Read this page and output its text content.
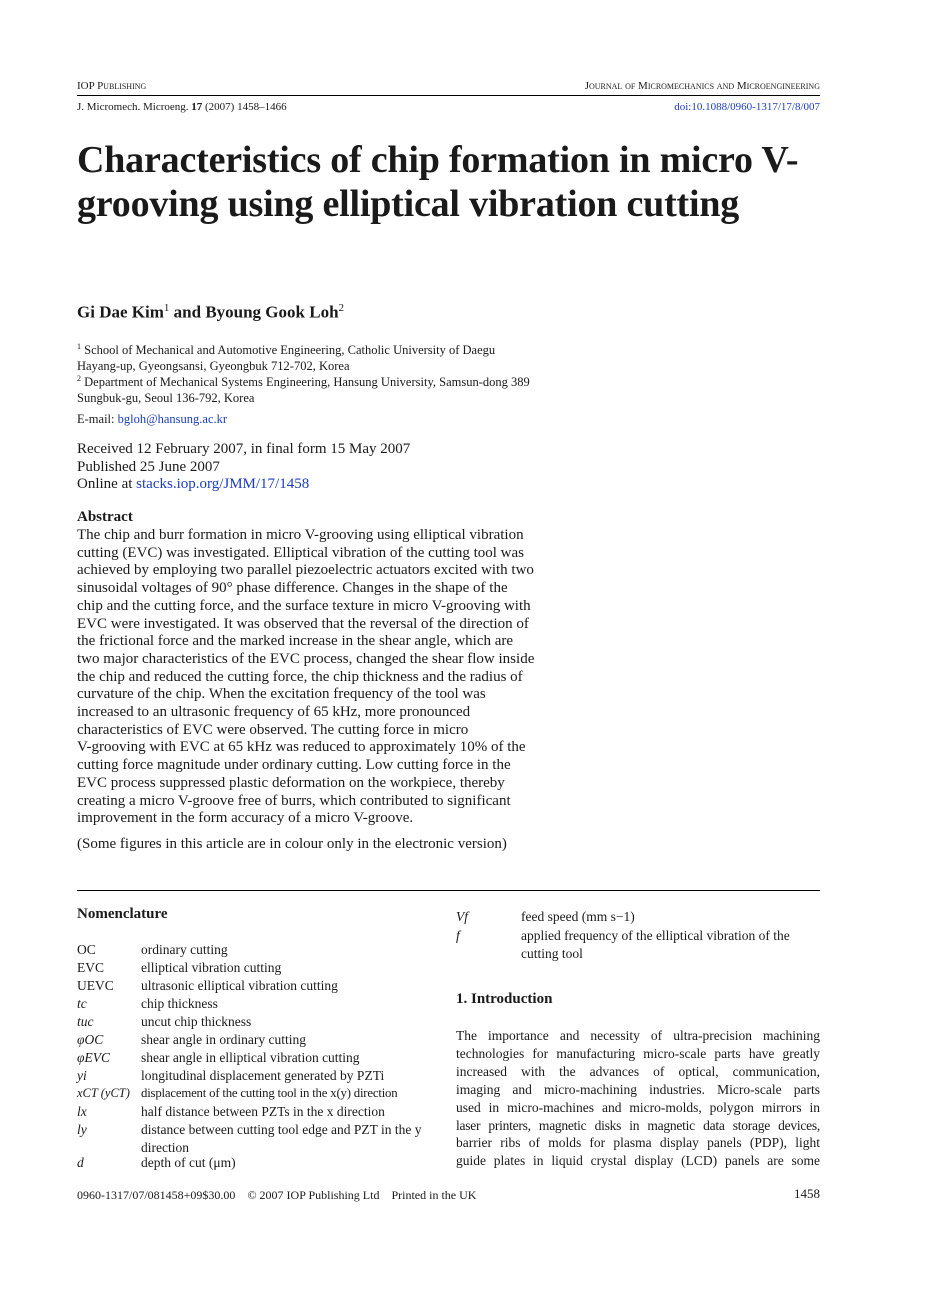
IOP Publishing	Journal of Micromechanics and Microengineering
J. Micromech. Microeng. 17 (2007) 1458–1466	doi:10.1088/0960-1317/17/8/007
Characteristics of chip formation in micro V-grooving using elliptical vibration cutting
Gi Dae Kim$^1$ and Byoung Gook Loh$^2$
$^1$ School of Mechanical and Automotive Engineering, Catholic University of Daegu
Hayang-up, Gyeongsansi, Gyeongbuk 712-702, Korea
$^2$ Department of Mechanical Systems Engineering, Hansung University, Samsun-dong 389
Sungbuk-gu, Seoul 136-792, Korea
E-mail: bgloh@hansung.ac.kr
Received 12 February 2007, in final form 15 May 2007
Published 25 June 2007
Online at stacks.iop.org/JMM/17/1458
Abstract
The chip and burr formation in micro V-grooving using elliptical vibration
cutting (EVC) was investigated. Elliptical vibration of the cutting tool was
achieved by employing two parallel piezoelectric actuators excited with two
sinusoidal voltages of 90° phase difference. Changes in the shape of the
chip and the cutting force, and the surface texture in micro V-grooving with
EVC were investigated. It was observed that the reversal of the direction of
the frictional force and the marked increase in the shear angle, which are
two major characteristics of the EVC process, changed the shear flow inside
the chip and reduced the cutting force, the chip thickness and the radius of
curvature of the chip. When the excitation frequency of the tool was
increased to an ultrasonic frequency of 65 kHz, more pronounced
characteristics of EVC were observed. The cutting force in micro
V-grooving with EVC at 65 kHz was reduced to approximately 10% of the
cutting force magnitude under ordinary cutting. Low cutting force in the
EVC process suppressed plastic deformation on the workpiece, thereby
creating a micro V-groove free of burrs, which contributed to significant
improvement in the form accuracy of a micro V-groove.
(Some figures in this article are in colour only in the electronic version)
Nomenclature
OC	ordinary cutting
EVC	elliptical vibration cutting
UEVC	ultrasonic elliptical vibration cutting
tc	chip thickness
tuc	uncut chip thickness
φOC	shear angle in ordinary cutting
φEVC	shear angle in elliptical vibration cutting
yi	longitudinal displacement generated by PZTi
xCT (yCT) displacement of the cutting tool in the x(y) direction
lx	half distance between PZTs in the x direction
ly	distance between cutting tool edge and PZT in the y direction
d	depth of cut (μm)
Vf	feed speed (mm s−1)
f	applied frequency of the elliptical vibration of the cutting tool
1. Introduction
The importance and necessity of ultra-precision machining
technologies for manufacturing micro-scale parts have greatly
increased with the advances of optical, communication,
imaging and micro-machining industries. Micro-scale parts
used in micro-machines and micro-molds, polygon mirrors in
laser printers, magnetic disks in magnetic data storage devices,
barrier ribs of molds for plasma display panels (PDP), light
guide plates in liquid crystal display (LCD) panels are some
0960-1317/07/081458+09$30.00 © 2007 IOP Publishing Ltd Printed in the UK	1458
